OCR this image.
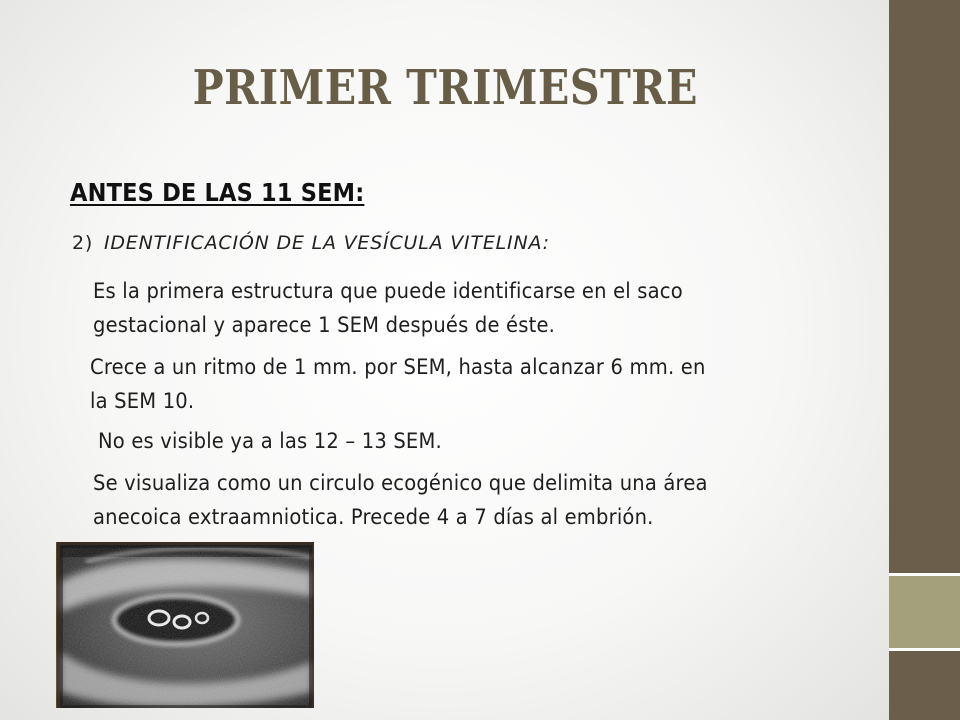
PRIMER TRIMESTRE
ANTES DE LAS 11 SEM:
2) IDENTIFICACIÓN DE LA VESÍCULA VITELINA:
Es la primera estructura que puede identificarse en el saco
gestacional y aparece 1 SEM después de éste.
Crece a un ritmo de 1 mm. por SEM, hasta alcanzar 6 mm. en
la SEM 10.
No es visible ya a las 12 – 13 SEM.
Se visualiza como un circulo ecogénico que delimita una área
anecoica extraamniotica. Precede 4 a 7 días al embrión.
